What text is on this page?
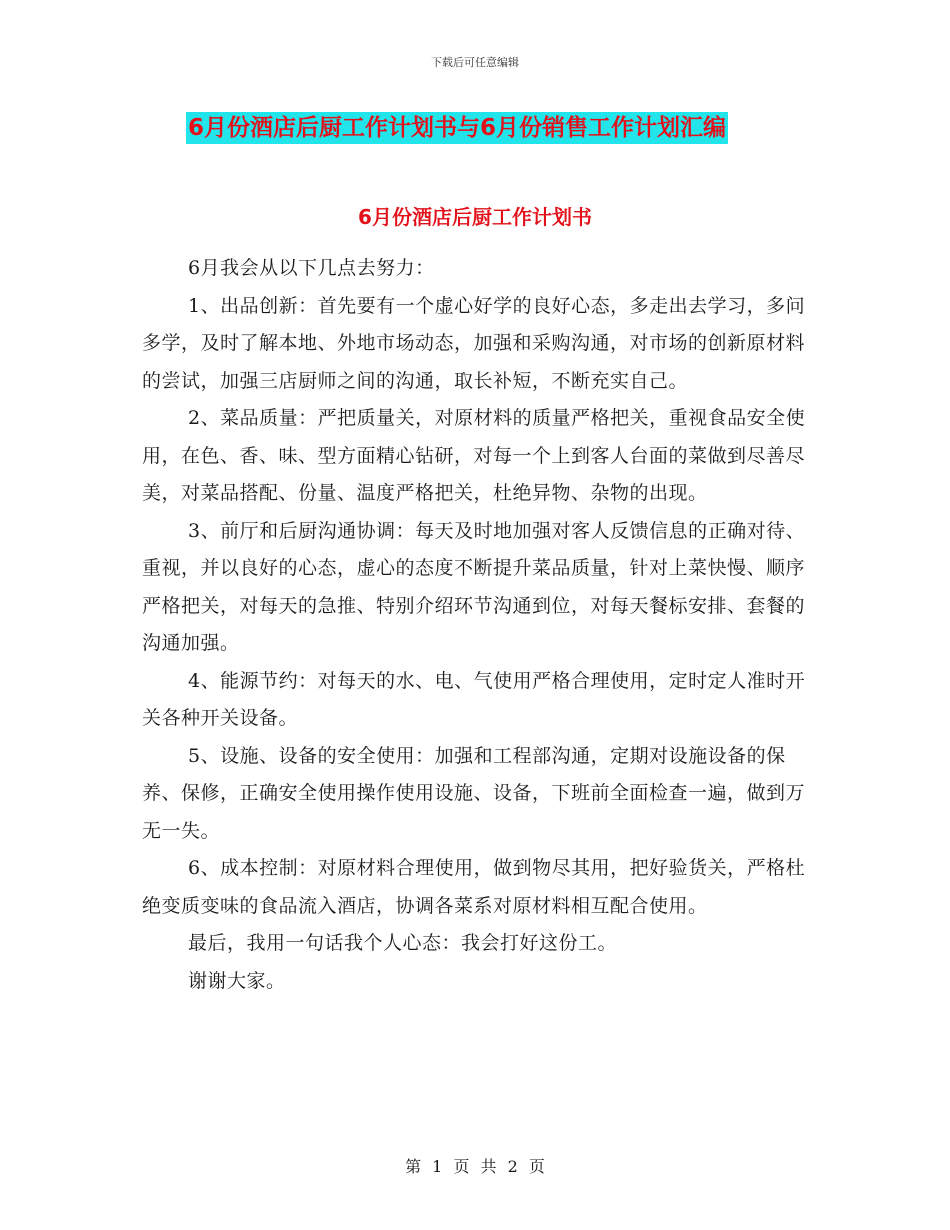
下载后可任意编辑
6月份酒店后厨工作计划书与6月份销售工作计划汇编
6月份酒店后厨工作计划书

6月我会从以下几点去努力：

1、出品创新：首先要有一个虚心好学的良好心态，多走出去学习，多问多学，及时了解本地、外地市场动态，加强和采购沟通，对市场的创新原材料的尝试，加强三店厨师之间的沟通，取长补短，不断充实自己。

2、菜品质量：严把质量关，对原材料的质量严格把关，重视食品安全使用，在色、香、味、型方面精心钻研，对每一个上到客人台面的菜做到尽善尽美，对菜品搭配、份量、温度严格把关，杜绝异物、杂物的出现。

3、前厅和后厨沟通协调：每天及时地加强对客人反馈信息的正确对待、重视，并以良好的心态，虚心的态度不断提升菜品质量，针对上菜快慢、顺序严格把关，对每天的急推、特别介绍环节沟通到位，对每天餐标安排、套餐的沟通加强。

4、能源节约：对每天的水、电、气使用严格合理使用，定时定人准时开关各种开关设备。

5、设施、设备的安全使用：加强和工程部沟通，定期对设施设备的保养、保修，正确安全使用操作使用设施、设备，下班前全面检查一遍，做到万无一失。

6、成本控制：对原材料合理使用，做到物尽其用，把好验货关，严格杜绝变质变味的食品流入酒店，协调各菜系对原材料相互配合使用。

最后，我用一句话我个人心态：我会打好这份工。

谢谢大家。

第 1 页 共 2 页
